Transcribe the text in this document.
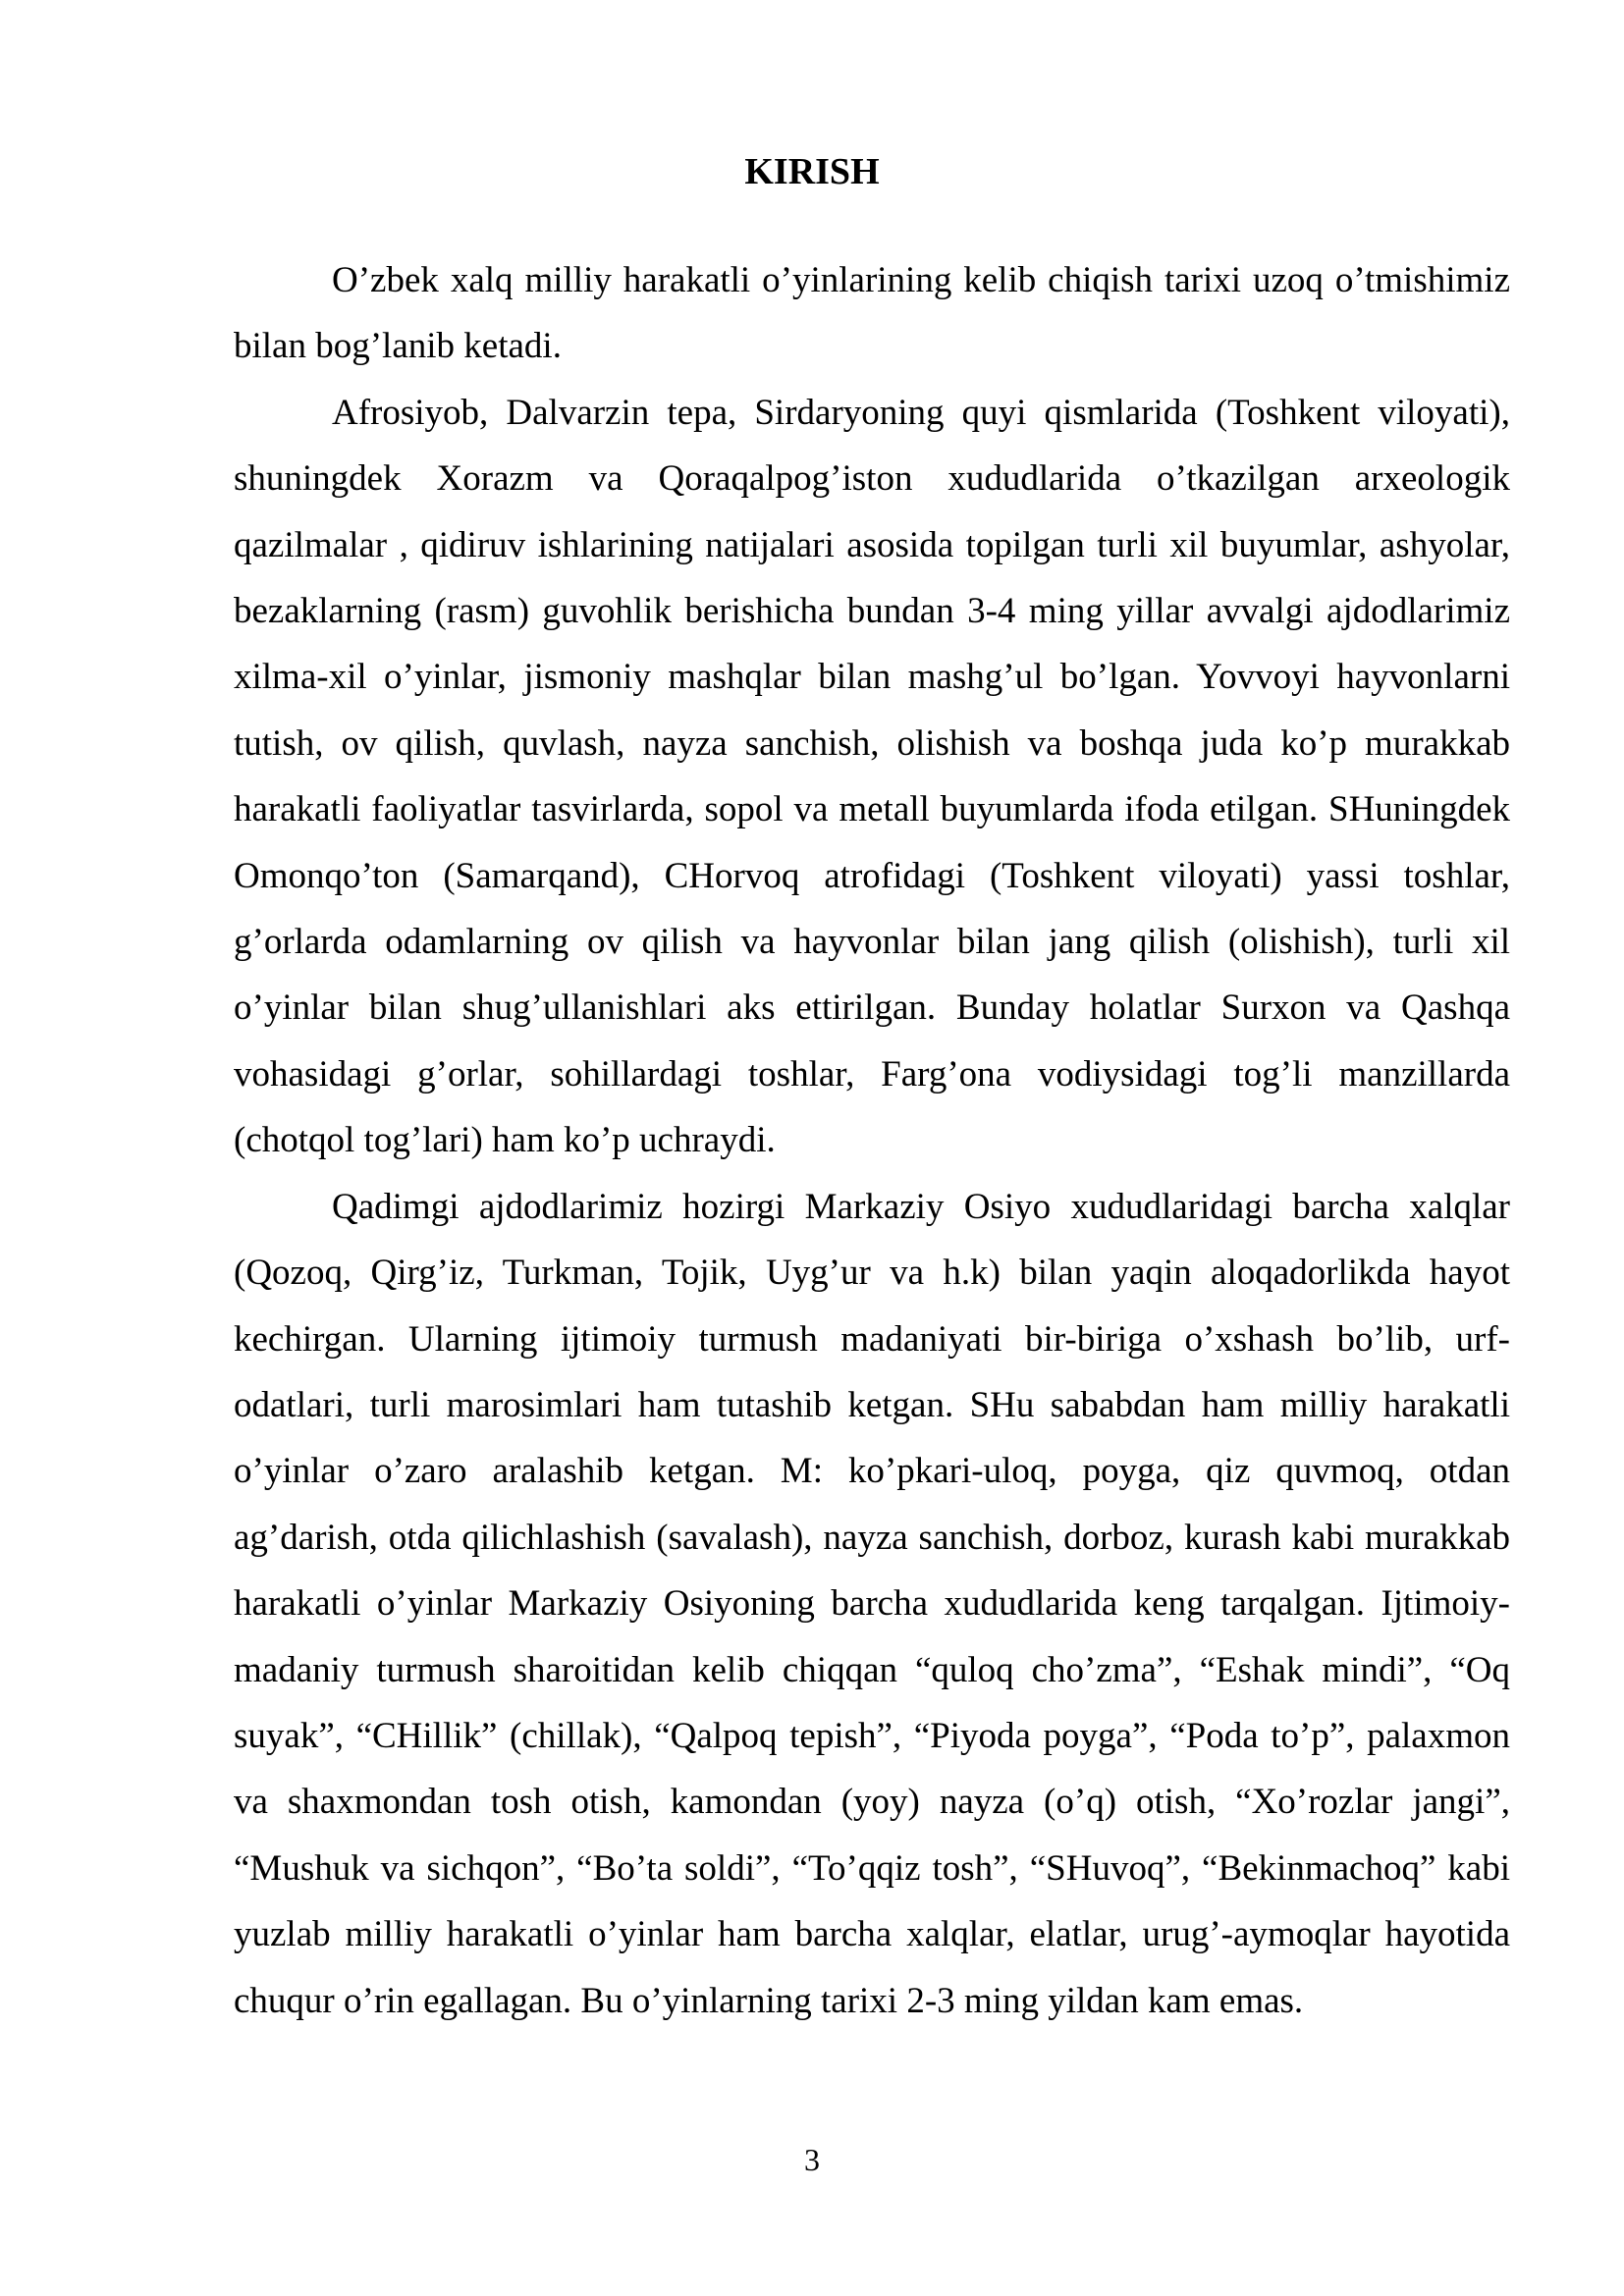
KIRISH

O’zbek xalq milliy harakatli o’yinlarining kelib chiqish tarixi uzoq o’tmishimiz bilan bog’lanib ketadi.

Afrosiyob, Dalvarzin tepa, Sirdaryoning quyi qismlarida (Toshkent viloyati), shuningdek Xorazm va Qoraqalpog’iston xududlarida o’tkazilgan arxeologik qazilmalar , qidiruv ishlarining natijalari asosida topilgan turli xil buyumlar, ashyolar, bezaklarning (rasm) guvohlik berishicha bundan 3-4 ming yillar avvalgi ajdodlarimiz xilma-xil o’yinlar, jismoniy mashqlar bilan mashg’ul bo’lgan. Yovvoyi hayvonlarni tutish, ov qilish, quvlash, nayza sanchish, olishish va boshqa juda ko’p murakkab harakatli faoliyatlar tasvirlarda, sopol va metall buyumlarda ifoda etilgan. SHuningdek Omonqo’ton (Samarqand), CHorvoq atrofidagi (Toshkent viloyati) yassi toshlar, g’orlarda odamlarning ov qilish va hayvonlar bilan jang qilish (olishish), turli xil o’yinlar bilan shug’ullanishlari aks ettirilgan. Bunday holatlar Surxon va Qashqa vohasidagi g’orlar, sohillardagi toshlar, Farg’ona vodiysidagi tog’li manzillarda (chotqol tog’lari) ham ko’p uchraydi.

Qadimgi ajdodlarimiz hozirgi Markaziy Osiyo xududlaridagi barcha xalqlar (Qozoq, Qirg’iz, Turkman, Tojik, Uyg’ur va h.k) bilan yaqin aloqadorlikda hayot kechirgan. Ularning ijtimoiy turmush madaniyati bir-biriga o’xshash bo’lib, urf-odatlari, turli marosimlari ham tutashib ketgan. SHu sababdan ham milliy harakatli o’yinlar o’zaro aralashib ketgan. M: ko’pkari-uloq, poyga, qiz quvmoq, otdan ag’darish, otda qilichlashish (savalash), nayza sanchish, dorboz, kurash kabi murakkab harakatli o’yinlar Markaziy Osiyoning barcha xududlarida keng tarqalgan. Ijtimoiy-madaniy turmush sharoitidan kelib chiqqan “quloq cho’zma”, “Eshak mindi”, “Oq suyak”, “CHillik” (chillak), “Qalpoq tepish”, “Piyoda poyga”, “Poda to’p”, palaxmon va shaxmondan tosh otish, kamondan (yoy) nayza (o’q) otish, “Xo’rozlar jangi”, “Mushuk va sichqon”, “Bo’ta soldi”, “To’qqiz tosh”, “SHuvoq”, “Bekinmachoq” kabi yuzlab milliy harakatli o’yinlar ham barcha xalqlar, elatlar, urug’-aymoqlar hayotida chuqur o’rin egallagan. Bu o’yinlarning tarixi 2-3 ming yildan kam emas.

3
